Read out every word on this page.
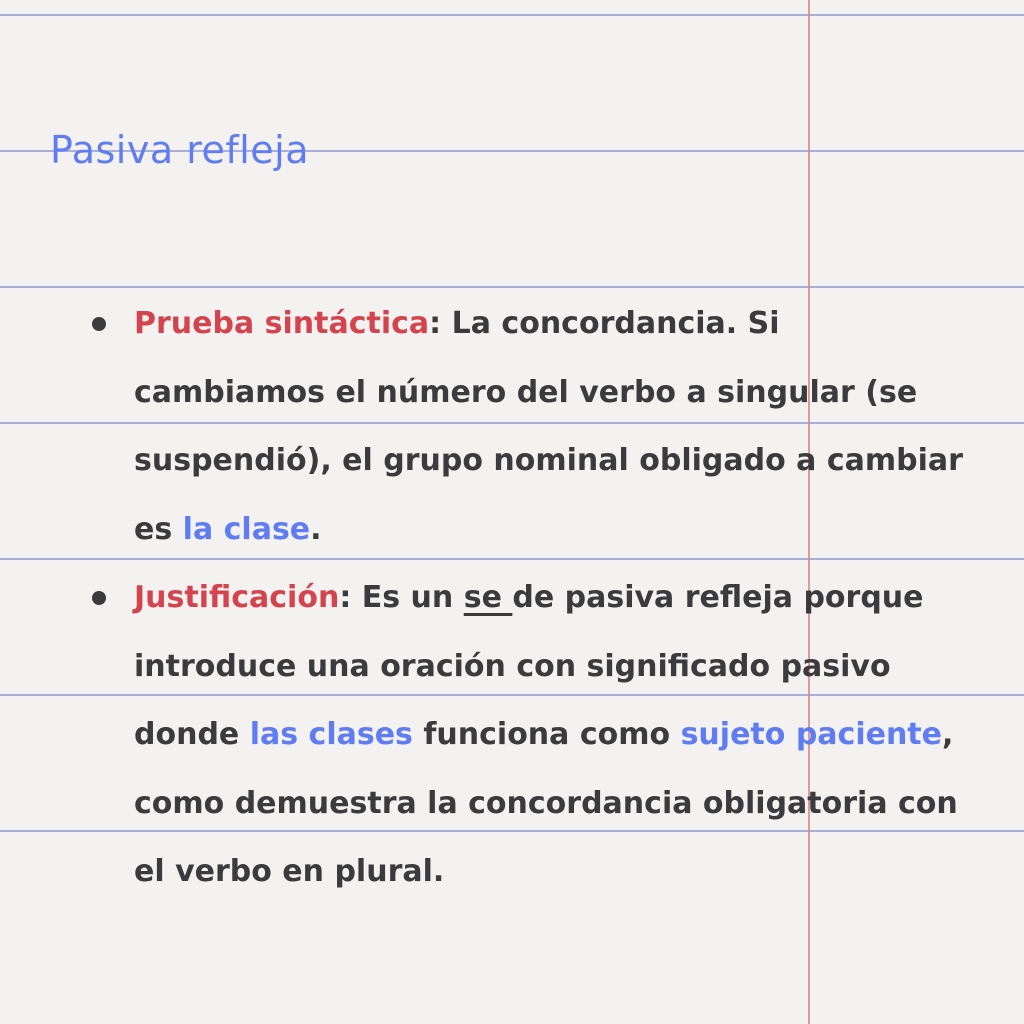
Pasiva refleja
Prueba sintáctica: La concordancia. Si cambiamos el número del verbo a singular (se suspendió), el grupo nominal obligado a cambiar es la clase.
Justificación: Es un se de pasiva refleja porque introduce una oración con significado pasivo donde las clases funciona como sujeto paciente, como demuestra la concordancia obligatoria con el verbo en plural.
